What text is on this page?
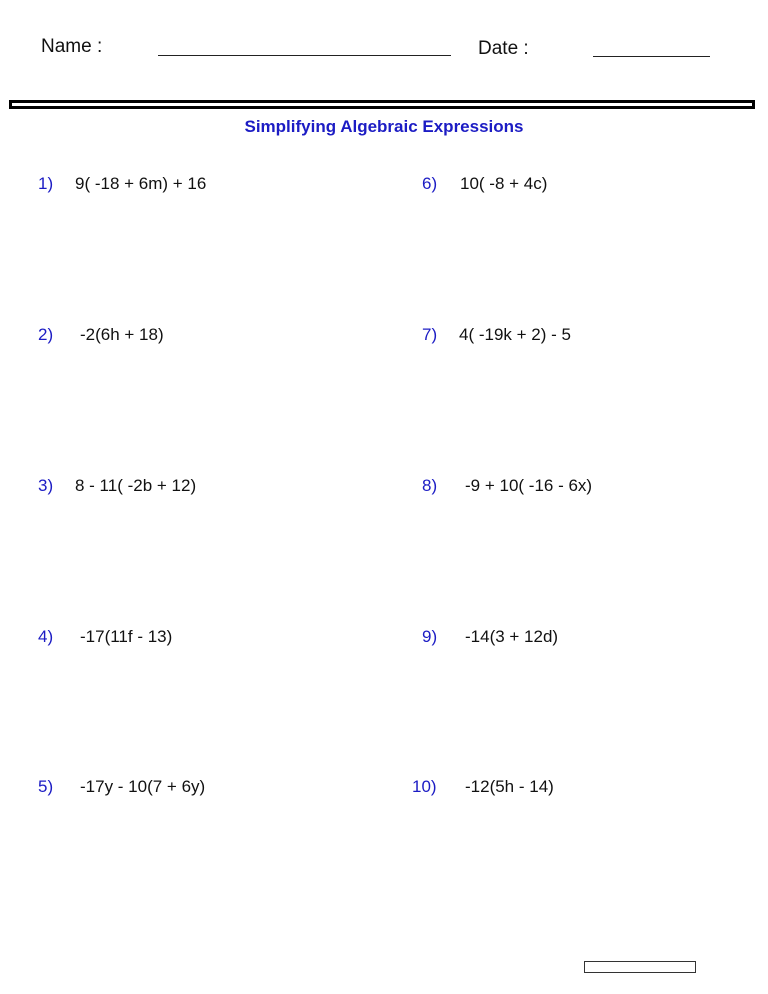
Name :	Date :
Simplifying Algebraic Expressions
1) 9( -18 + 6m) + 16
2) -2(6h + 18)
3) 8 - 11( -2b + 12)
4) -17(11f - 13)
5) -17y - 10(7 + 6y)
6) 10( -8 + 4c)
7) 4( -19k + 2) - 5
8) -9 + 10( -16 - 6x)
9) -14(3 + 12d)
10) -12(5h - 14)
